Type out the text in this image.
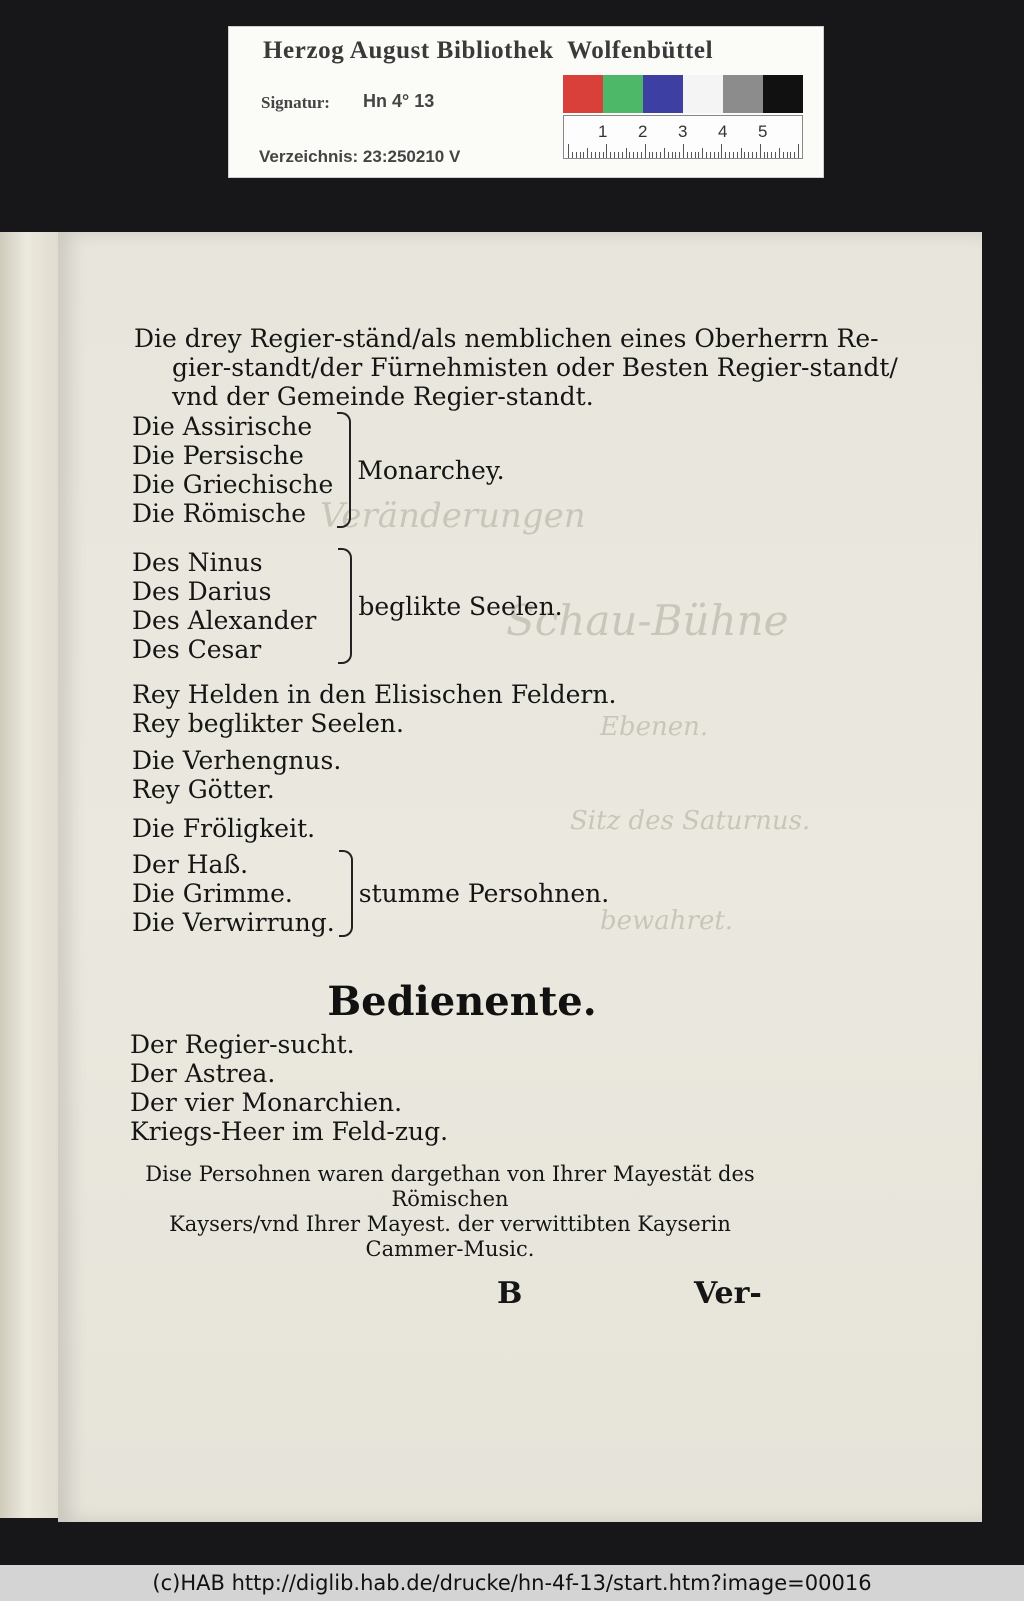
Herzog August Bibliothek  Wolfenbüttel
Signatur: Hn 4° 13
Verzeichnis: 23:250210 V
1 2 3 4 5
Veränderungen
Schau-Bühne
Ebenen.
Sitz des Saturnus.
bewahret.
Die drey Regier-ständ/als nemblichen eines Oberherrn Re-
gier-standt/der Fürnehmisten oder Besten Regier-standt/
vnd der Gemeinde Regier-standt.
Die Assirische
Die Persische
Die Griechische
Die Römische
Monarchey.
Des Ninus
Des Darius
Des Alexander
Des Cesar
beglikte Seelen.
Rey Helden in den Elisischen Feldern.
Rey beglikter Seelen.
Die Verhengnus.
Rey Götter.
Die Fröligkeit.
Der Haß.
Die Grimme.
Die Verwirrung.
stumme Persohnen.
Bedienente.
Der Regier-sucht.
Der Astrea.
Der vier Monarchien.
Kriegs-Heer im Feld-zug.
Dise Persohnen waren dargethan von Ihrer Mayestät des Römischen
Kaysers/vnd Ihrer Mayest. der verwittibten Kayserin
Cammer-Music.
B	Ver-
(c)HAB http://diglib.hab.de/drucke/hn-4f-13/start.htm?image=00016
